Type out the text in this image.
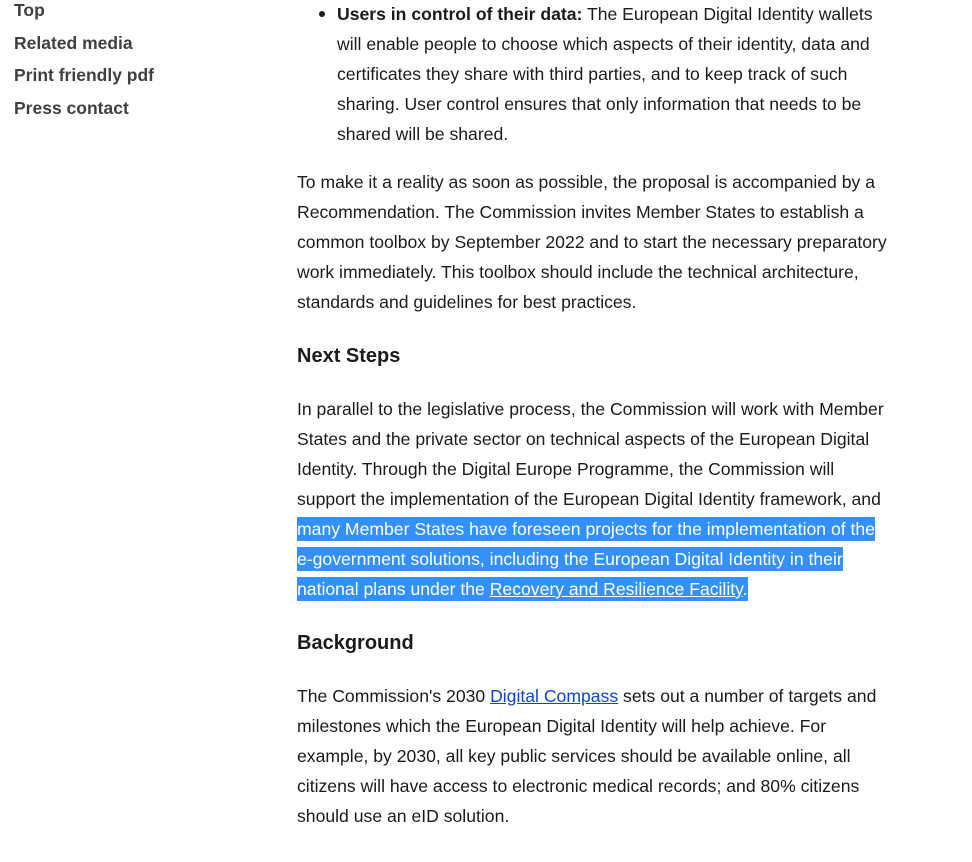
Top
Related media
Print friendly pdf
Press contact
Users in control of their data: The European Digital Identity wallets will enable people to choose which aspects of their identity, data and certificates they share with third parties, and to keep track of such sharing. User control ensures that only information that needs to be shared will be shared.

To make it a reality as soon as possible, the proposal is accompanied by a Recommendation. The Commission invites Member States to establish a common toolbox by September 2022 and to start the necessary preparatory work immediately. This toolbox should include the technical architecture, standards and guidelines for best practices.

Next Steps

In parallel to the legislative process, the Commission will work with Member States and the private sector on technical aspects of the European Digital Identity. Through the Digital Europe Programme, the Commission will support the implementation of the European Digital Identity framework, and many Member States have foreseen projects for the implementation of the e-government solutions, including the European Digital Identity in their national plans under the Recovery and Resilience Facility.

Background

The Commission's 2030 Digital Compass sets out a number of targets and milestones which the European Digital Identity will help achieve. For example, by 2030, all key public services should be available online, all citizens will have access to electronic medical records; and 80% citizens should use an eID solution.
